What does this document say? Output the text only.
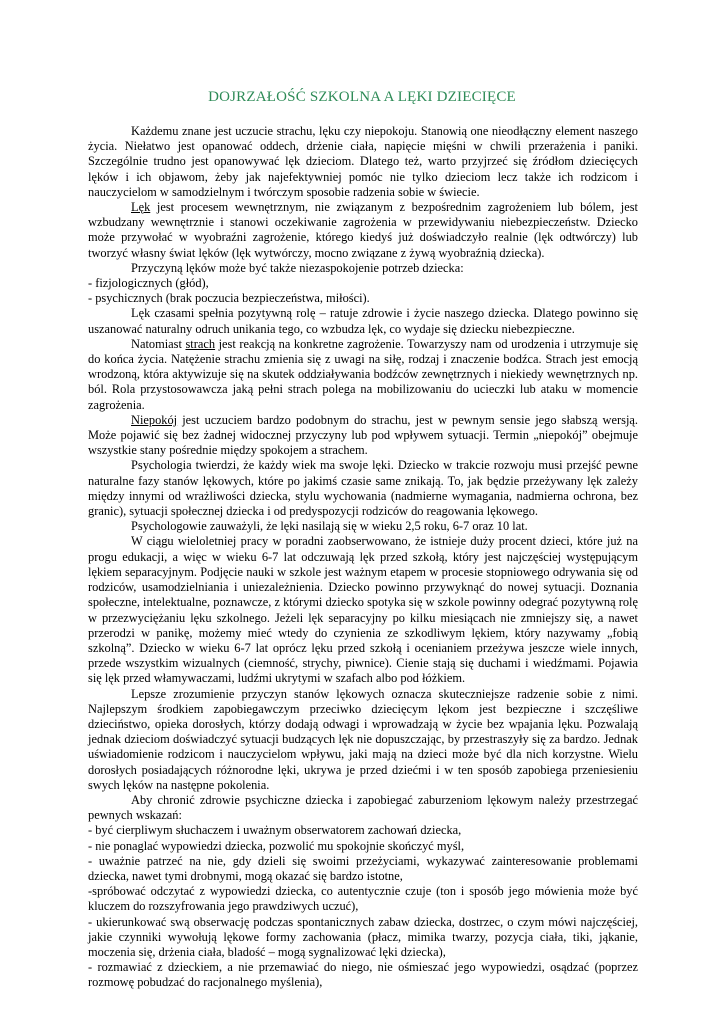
DOJRZAŁOŚĆ SZKOLNA A LĘKI DZIECIĘCE

Każdemu znane jest uczucie strachu, lęku czy niepokoju. Stanowią one nieodłączny element naszego życia. Niełatwo jest opanować oddech, drżenie ciała, napięcie mięśni w chwili przerażenia i paniki. Szczególnie trudno jest opanowywać lęk dzieciom. Dlatego też, warto przyjrzeć się źródłom dziecięcych lęków i ich objawom, żeby jak najefektywniej pomóc nie tylko dzieciom lecz także ich rodzicom i nauczycielom w samodzielnym i twórczym sposobie radzenia sobie w świecie.

Lęk jest procesem wewnętrznym, nie związanym z bezpośrednim zagrożeniem lub bólem, jest wzbudzany wewnętrznie i stanowi oczekiwanie zagrożenia w przewidywaniu niebezpieczeństw. Dziecko może przywołać w wyobraźni zagrożenie, którego kiedyś już doświadczyło realnie (lęk odtwórczy) lub tworzyć własny świat lęków (lęk wytwórczy, mocno związane z żywą wyobraźnią dziecka).

Przyczyną lęków może być także niezaspokojenie potrzeb dziecka:

- fizjologicznych (głód),

- psychicznych (brak poczucia bezpieczeństwa, miłości).

Lęk czasami spełnia pozytywną rolę – ratuje zdrowie i życie naszego dziecka. Dlatego powinno się uszanować naturalny odruch unikania tego, co wzbudza lęk, co wydaje się dziecku niebezpieczne.

Natomiast strach jest reakcją na konkretne zagrożenie. Towarzyszy nam od urodzenia i utrzymuje się do końca życia. Natężenie strachu zmienia się z uwagi na siłę, rodzaj i znaczenie bodźca. Strach jest emocją wrodzoną, która aktywizuje się na skutek oddziaływania bodźców zewnętrznych i niekiedy wewnętrznych np. ból. Rola przystosowawcza jaką pełni strach polega na mobilizowaniu do ucieczki lub ataku w momencie zagrożenia.

Niepokój jest uczuciem bardzo podobnym do strachu, jest w pewnym sensie jego słabszą wersją. Może pojawić się bez żadnej widocznej przyczyny lub pod wpływem sytuacji. Termin „niepokój” obejmuje wszystkie stany pośrednie między spokojem a strachem.

Psychologia twierdzi, że każdy wiek ma swoje lęki. Dziecko w trakcie rozwoju musi przejść pewne naturalne fazy stanów lękowych, które po jakimś czasie same znikają. To, jak będzie przeżywany lęk zależy między innymi od wrażliwości dziecka, stylu wychowania (nadmierne wymagania, nadmierna ochrona, bez granic), sytuacji społecznej dziecka i od predyspozycji rodziców do reagowania lękowego.

Psychologowie zauważyli, że lęki nasilają się w wieku 2,5 roku, 6-7 oraz 10 lat.

W ciągu wieloletniej pracy w poradni zaobserwowano, że istnieje duży procent dzieci, które już na progu edukacji, a więc w wieku 6-7 lat odczuwają lęk przed szkołą, który jest najczęściej występującym lękiem separacyjnym. Podjęcie nauki w szkole jest ważnym etapem w procesie stopniowego odrywania się od rodziców, usamodzielniania i uniezależnienia. Dziecko powinno przywyknąć do nowej sytuacji. Doznania społeczne, intelektualne, poznawcze, z którymi dziecko spotyka się w szkole powinny odegrać pozytywną rolę w przezwyciężaniu lęku szkolnego. Jeżeli lęk separacyjny po kilku miesiącach nie zmniejszy się, a nawet przerodzi w panikę, możemy mieć wtedy do czynienia ze szkodliwym lękiem, który nazywamy „fobią szkolną”. Dziecko w wieku 6-7 lat oprócz lęku przed szkołą i ocenianiem przeżywa jeszcze wiele innych, przede wszystkim wizualnych (ciemność, strychy, piwnice). Cienie stają się duchami i wiedźmami. Pojawia się lęk przed włamywaczami, ludźmi ukrytymi w szafach albo pod łóżkiem.

Lepsze zrozumienie przyczyn stanów lękowych oznacza skuteczniejsze radzenie sobie z nimi. Najlepszym środkiem zapobiegawczym przeciwko dziecięcym lękom jest bezpieczne i szczęśliwe dzieciństwo, opieka dorosłych, którzy dodają odwagi i wprowadzają w życie bez wpajania lęku. Pozwalają jednak dzieciom doświadczyć sytuacji budzących lęk nie dopuszczając, by przestraszyły się za bardzo. Jednak uświadomienie rodzicom i nauczycielom wpływu, jaki mają na dzieci może być dla nich korzystne. Wielu dorosłych posiadających różnorodne lęki, ukrywa je przed dziećmi i w ten sposób zapobiega przeniesieniu swych lęków na następne pokolenia.

Aby chronić zdrowie psychiczne dziecka i zapobiegać zaburzeniom lękowym należy przestrzegać pewnych wskazań:

- być cierpliwym słuchaczem i uważnym obserwatorem zachowań dziecka,

- nie ponaglać wypowiedzi dziecka, pozwolić mu spokojnie skończyć myśl,

- uważnie patrzeć na nie, gdy dzieli się swoimi przeżyciami, wykazywać zainteresowanie problemami dziecka, nawet tymi drobnymi, mogą okazać się bardzo istotne,

-spróbować odczytać z wypowiedzi dziecka, co autentycznie czuje (ton i sposób jego mówienia może być kluczem do rozszyfrowania jego prawdziwych uczuć),

- ukierunkować swą obserwację podczas spontanicznych zabaw dziecka, dostrzec, o czym mówi najczęściej, jakie czynniki wywołują lękowe formy zachowania (płacz, mimika twarzy, pozycja ciała, tiki, jąkanie, moczenia się, drżenia ciała, bladość – mogą sygnalizować lęki dziecka),

- rozmawiać z dzieckiem, a nie przemawiać do niego, nie ośmieszać jego wypowiedzi, osądzać (poprzez rozmowę pobudzać do racjonalnego myślenia),
